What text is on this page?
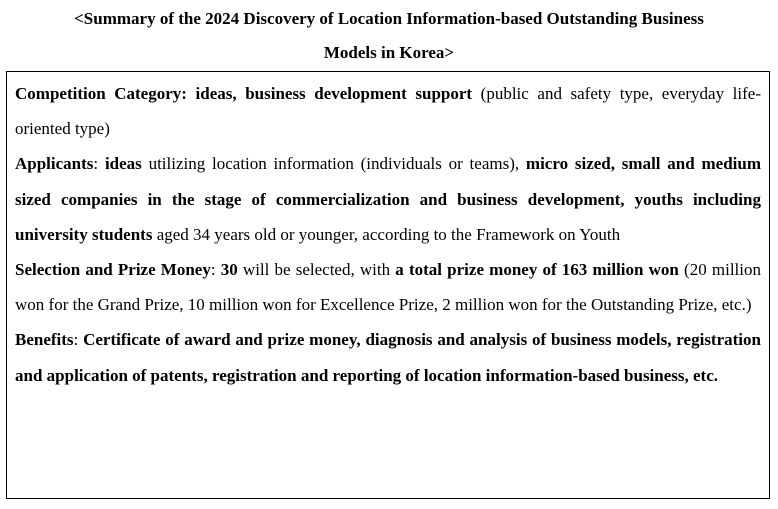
<Summary of the 2024 Discovery of Location Information-based Outstanding Business
Models in Korea>

Competition Category: ideas, business development support (public and safety type, everyday life-oriented type)

Applicants: ideas utilizing location information (individuals or teams), micro sized, small and medium sized companies in the stage of commercialization and business development, youths including university students aged 34 years old or younger, according to the Framework on Youth

Selection and Prize Money: 30 will be selected, with a total prize money of 163 million won (20 million won for the Grand Prize, 10 million won for Excellence Prize, 2 million won for the Outstanding Prize, etc.)

Benefits: Certificate of award and prize money, diagnosis and analysis of business models, registration and application of patents, registration and reporting of location information-based business, etc.
